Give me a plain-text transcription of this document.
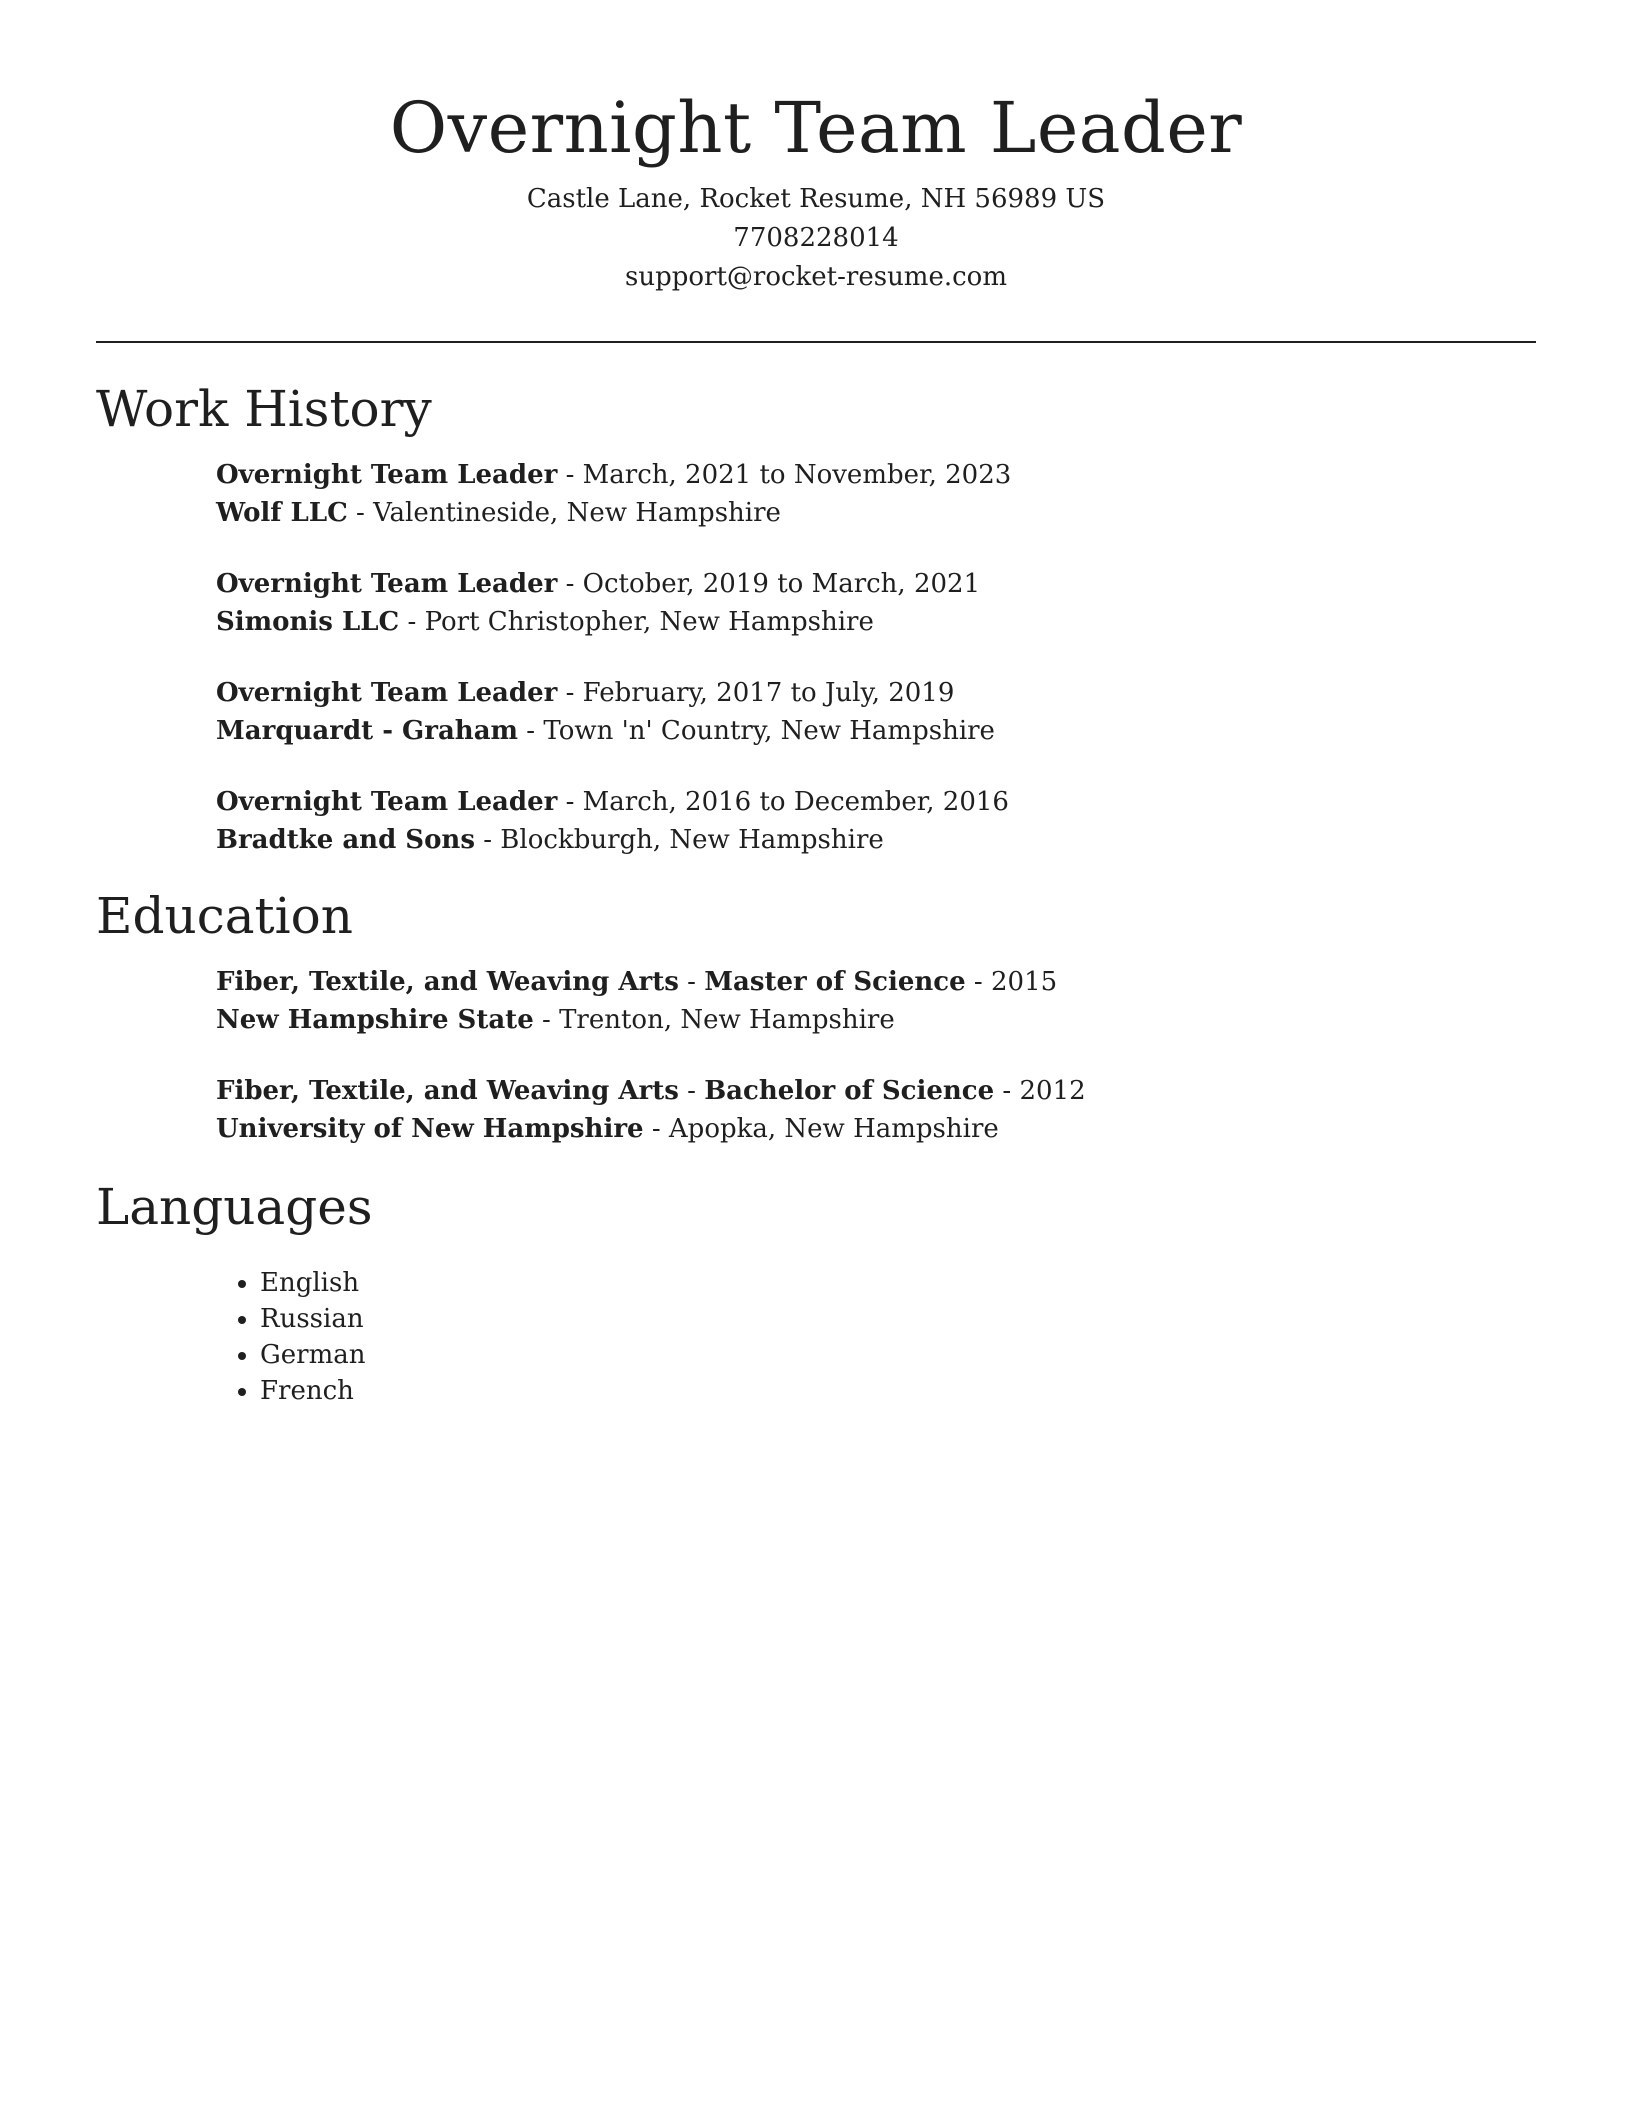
Overnight Team Leader
Castle Lane, Rocket Resume, NH 56989 US
7708228014
support@rocket-resume.com
Work History
Overnight Team Leader - March, 2021 to November, 2023
Wolf LLC - Valentineside, New Hampshire
Overnight Team Leader - October, 2019 to March, 2021
Simonis LLC - Port Christopher, New Hampshire
Overnight Team Leader - February, 2017 to July, 2019
Marquardt - Graham - Town 'n' Country, New Hampshire
Overnight Team Leader - March, 2016 to December, 2016
Bradtke and Sons - Blockburgh, New Hampshire
Education
Fiber, Textile, and Weaving Arts - Master of Science - 2015
New Hampshire State - Trenton, New Hampshire
Fiber, Textile, and Weaving Arts - Bachelor of Science - 2012
University of New Hampshire - Apopka, New Hampshire
Languages
• English
• Russian
• German
• French
